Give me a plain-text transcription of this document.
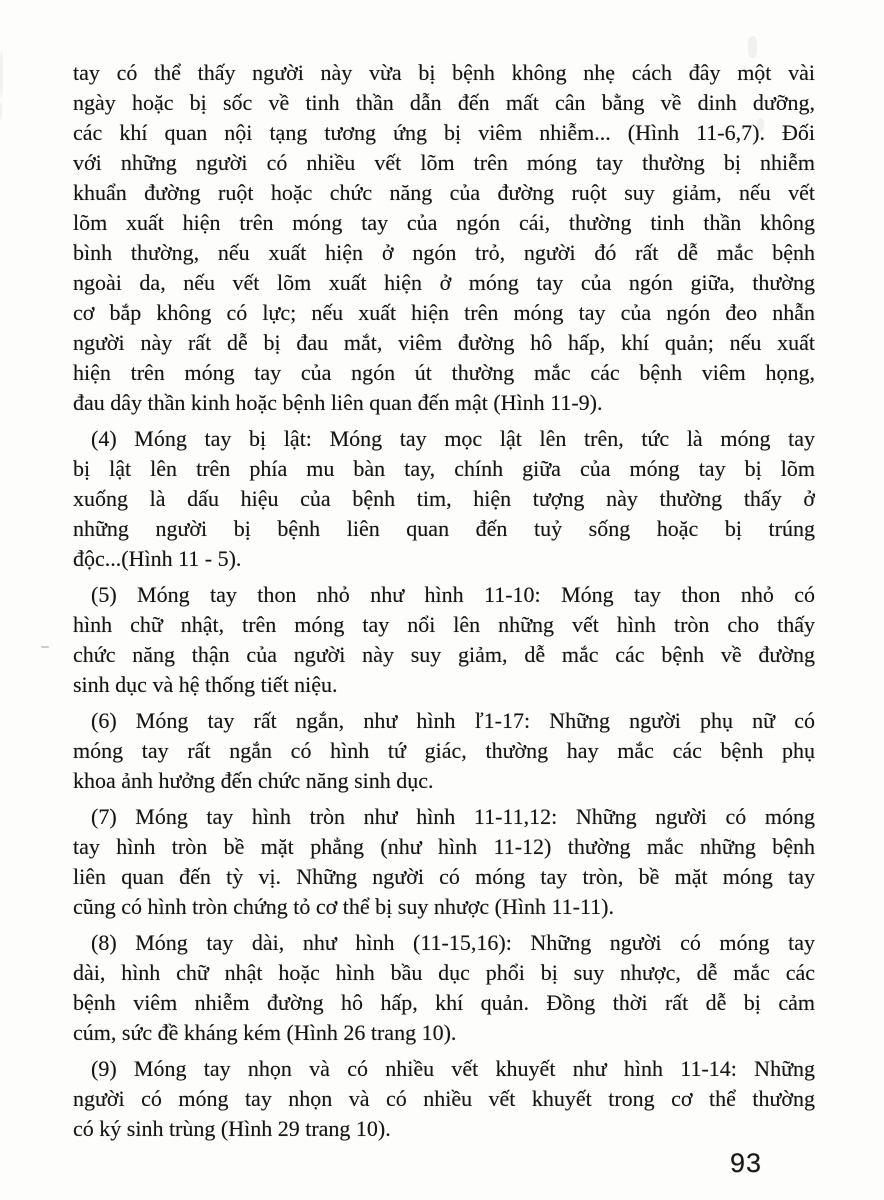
tay có thể thấy người này vừa bị bệnh không nhẹ cách đây một vài
ngày hoặc bị sốc về tinh thần dẫn đến mất cân bằng về dinh dưỡng,
các khí quan nội tạng tương ứng bị viêm nhiễm... (Hình 11-6,7). Đối
với những người có nhiều vết lõm trên móng tay thường bị nhiễm
khuẩn đường ruột hoặc chức năng của đường ruột suy giảm, nếu vết
lõm xuất hiện trên móng tay của ngón cái, thường tinh thần không
bình thường, nếu xuất hiện ở ngón trỏ, người đó rất dễ mắc bệnh
ngoài da, nếu vết lõm xuất hiện ở móng tay của ngón giữa, thường
cơ bắp không có lực; nếu xuất hiện trên móng tay của ngón đeo nhẫn
người này rất dễ bị đau mắt, viêm đường hô hấp, khí quản; nếu xuất
hiện trên móng tay của ngón út thường mắc các bệnh viêm họng,
đau dây thần kinh hoặc bệnh liên quan đến mật (Hình 11-9).

(4) Móng tay bị lật: Móng tay mọc lật lên trên, tức là móng tay
bị lật lên trên phía mu bàn tay, chính giữa của móng tay bị lõm
xuống là dấu hiệu của bệnh tim, hiện tượng này thường thấy ở
những người bị bệnh liên quan đến tuỷ sống hoặc bị trúng
độc...(Hình 11 - 5).

(5) Móng tay thon nhỏ như hình 11-10: Móng tay thon nhỏ có
hình chữ nhật, trên móng tay nổi lên những vết hình tròn cho thấy
chức năng thận của người này suy giảm, dễ mắc các bệnh về đường
sinh dục và hệ thống tiết niệu.

(6) Móng tay rất ngắn, như hình ľ1-17: Những người phụ nữ có
móng tay rất ngắn có hình tứ giác, thường hay mắc các bệnh phụ
khoa ảnh hưởng đến chức năng sinh dục.

(7) Móng tay hình tròn như hình 11-11,12: Những người có móng
tay hình tròn bề mặt phẳng (như hình 11-12) thường mắc những bệnh
liên quan đến tỳ vị. Những người có móng tay tròn, bề mặt móng tay
cũng có hình tròn chứng tỏ cơ thể bị suy nhược (Hình 11-11).

(8) Móng tay dài, như hình (11-15,16): Những người có móng tay
dài, hình chữ nhật hoặc hình bầu dục phổi bị suy nhược, dễ mắc các
bệnh viêm nhiễm đường hô hấp, khí quản. Đồng thời rất dễ bị cảm
cúm, sức đề kháng kém (Hình 26 trang 10).

(9) Móng tay nhọn và có nhiều vết khuyết như hình 11-14: Những
người có móng tay nhọn và có nhiều vết khuyết trong cơ thể thường
có ký sinh trùng (Hình 29 trang 10).

93
